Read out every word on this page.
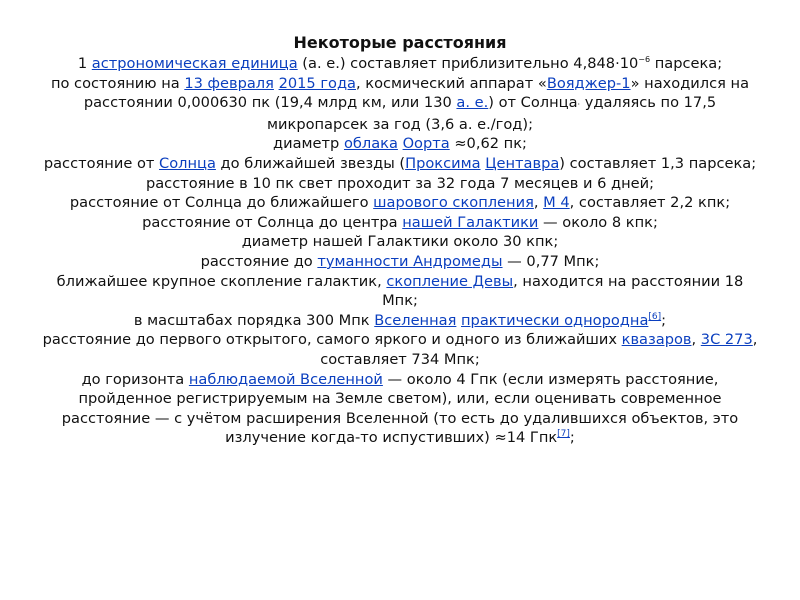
Некоторые расстояния

1 астрономическая единица (а. е.) составляет приблизительно $4,848\cdot 10^{-6}$ парсека;

по состоянию на 13 февраля 2015 года, космический аппарат «Вояджер-1» находился на расстоянии 0,000630 пк (19,4 млрд км, или 130 а. е.) от Солнца· удаляясь по 17,5 микропарсек за год (3,6 а. е./год);

диаметр облака Оорта ≈0,62 пк;

расстояние от Солнца до ближайшей звезды (Проксима Центавра) составляет 1,3 парсека;

расстояние в 10 пк свет проходит за 32 года 7 месяцев и 6 дней;

расстояние от Солнца до ближайшего шарового скопления, М 4, составляет 2,2 кпк;

расстояние от Солнца до центра нашей Галактики — около 8 кпк;

диаметр нашей Галактики около 30 кпк;

расстояние до туманности Андромеды — 0,77 Мпк;

ближайшее крупное скопление галактик, скопление Девы, находится на расстоянии 18 Мпк;

в масштабах порядка 300 Мпк Вселенная практически однородна[6];

расстояние до первого открытого, самого яркого и одного из ближайших квазаров, 3C 273, составляет 734 Мпк;

до горизонта наблюдаемой Вселенной — около 4 Гпк (если измерять расстояние, пройденное регистрируемым на Земле светом), или, если оценивать современное расстояние — с учётом расширения Вселенной (то есть до удалившихся объектов, это излучение когда-то испустивших) ≈14 Гпк[7];
